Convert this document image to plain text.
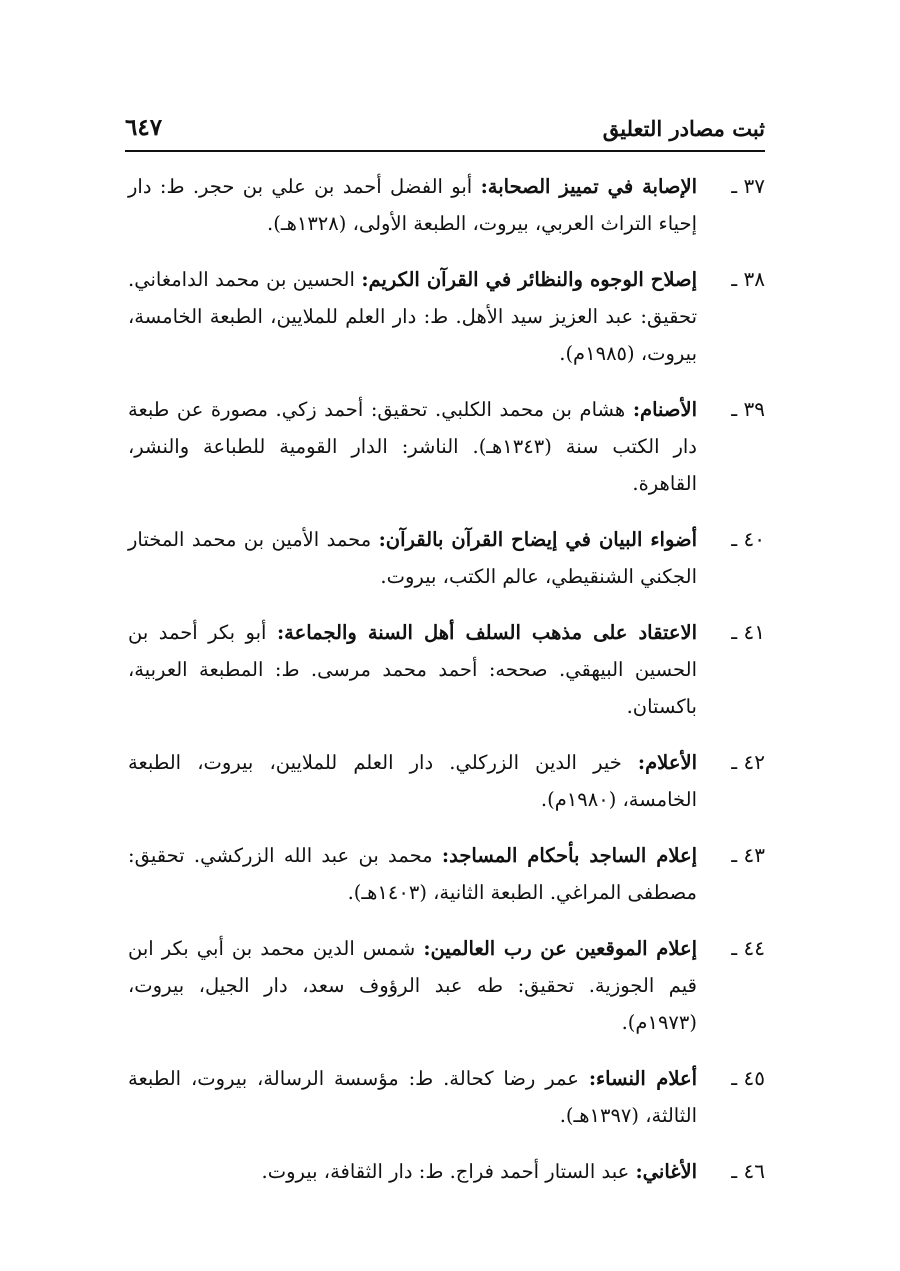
ثبت مصادر التعليق
٦٤٧
٣٧ ـ
الإصابة في تمييز الصحابة: أبو الفضل أحمد بن علي بن حجر. ط: دار إحياء التراث العربي، بيروت، الطبعة الأولى، (١٣٢٨هـ).
٣٨ ـ
إصلاح الوجوه والنظائر في القرآن الكريم: الحسين بن محمد الدامغاني. تحقيق: عبد العزيز سيد الأهل. ط: دار العلم للملايين، الطبعة الخامسة، بيروت، (١٩٨٥م).
٣٩ ـ
الأصنام: هشام بن محمد الكلبي. تحقيق: أحمد زكي. مصورة عن طبعة دار الكتب سنة (١٣٤٣هـ). الناشر: الدار القومية للطباعة والنشر، القاهرة.
٤٠ ـ
أضواء البيان في إيضاح القرآن بالقرآن: محمد الأمين بن محمد المختار الجكني الشنقيطي، عالم الكتب، بيروت.
٤١ ـ
الاعتقاد على مذهب السلف أهل السنة والجماعة: أبو بكر أحمد بن الحسين البيهقي. صححه: أحمد محمد مرسى. ط: المطبعة العربية، باكستان.
٤٢ ـ
الأعلام: خير الدين الزركلي. دار العلم للملايين، بيروت، الطبعة الخامسة، (١٩٨٠م).
٤٣ ـ
إعلام الساجد بأحكام المساجد: محمد بن عبد الله الزركشي. تحقيق: مصطفى المراغي. الطبعة الثانية، (١٤٠٣هـ).
٤٤ ـ
إعلام الموقعين عن رب العالمين: شمس الدين محمد بن أبي بكر ابن قيم الجوزية. تحقيق: طه عبد الرؤوف سعد، دار الجيل، بيروت، (١٩٧٣م).
٤٥ ـ
أعلام النساء: عمر رضا كحالة. ط: مؤسسة الرسالة، بيروت، الطبعة الثالثة، (١٣٩٧هـ).
٤٦ ـ
الأغاني: عبد الستار أحمد فراج. ط: دار الثقافة، بيروت.
